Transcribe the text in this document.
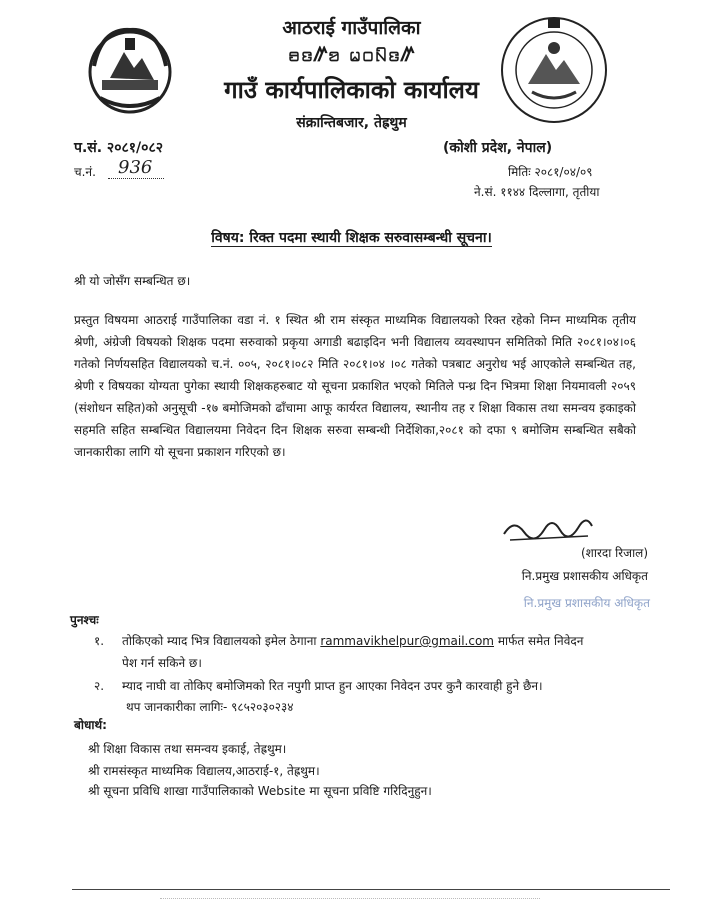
आठराई गाउँपालिका
ꤋꤢꤼꤤ ꤗ꤀ꤡꤢꤼ
गाउँ कार्यपालिकाको कार्यालय
संक्रान्तिबजार, तेह्रथुम
प.सं. २०८१/०८२	(कोशी प्रदेश, नेपाल)
च.नं. 936	मितिः २०८१/०४/०९
ने.सं. ११४४ दिल्लागा, तृतीया
विषय: रिक्त पदमा स्थायी शिक्षक सरुवासम्बन्धी सूचना।
श्री यो जोसँग सम्बन्धित छ।
प्रस्तुत विषयमा आठराई गाउँपालिका वडा नं. १ स्थित श्री राम संस्कृत माध्यमिक विद्यालयको रिक्त रहेको निम्न माध्यमिक तृतीय श्रेणी, अंग्रेजी विषयको शिक्षक पदमा सरुवाको प्रकृया अगाडी बढाइदिन भनी विद्यालय व्यवस्थापन समितिको मिति २०८१।०४।०६ गतेको निर्णयसहित विद्यालयको च.नं. ००५, २०८१।०८२ मिति २०८१।०४ ।०८ गतेको पत्रबाट अनुरोध भई आएकोले सम्बन्धित तह, श्रेणी र विषयका योग्यता पुगेका स्थायी शिक्षकहरुबाट यो सूचना प्रकाशित भएको मितिले पन्ध्र दिन भित्रमा शिक्षा नियमावली २०५९ (संशोधन सहित)को अनुसूची -१७ बमोजिमको ढाँचामा आफू कार्यरत विद्यालय, स्थानीय तह र शिक्षा विकास तथा समन्वय इकाइको सहमति सहित सम्बन्धित विद्यालयमा निवेदन दिन शिक्षक सरुवा सम्बन्धी निर्देशिका,२०८१ को दफा ९ बमोजिम सम्बन्धित सबैको जानकारीका लागि यो सूचना प्रकाशन गरिएको छ।
(शारदा रिजाल)
नि.प्रमुख प्रशासकीय अधिकृत
नि.प्रमुख प्रशासकीय अधिकृत
पुनश्चः
१. तोकिएको म्याद भित्र विद्यालयको इमेल ठेगाना rammavikhelpur@gmail.com मार्फत समेत निवेदन
पेश गर्न सकिने छ।
२. म्याद नाघी वा तोकिए बमोजिमको रित नपुगी प्राप्त हुन आएका निवेदन उपर कुनै कारवाही हुने छैन।
थप जानकारीका लागिः- ९८५२०३०२३४
बोधार्थ:
श्री शिक्षा विकास तथा समन्वय इकाई, तेह्रथुम।
श्री रामसंस्कृत माध्यमिक विद्यालय,आठराई-१, तेह्रथुम।
श्री सूचना प्रविधि शाखा गाउँपालिकाको Website मा सूचना प्रविष्टि गरिदिनुहुन।
